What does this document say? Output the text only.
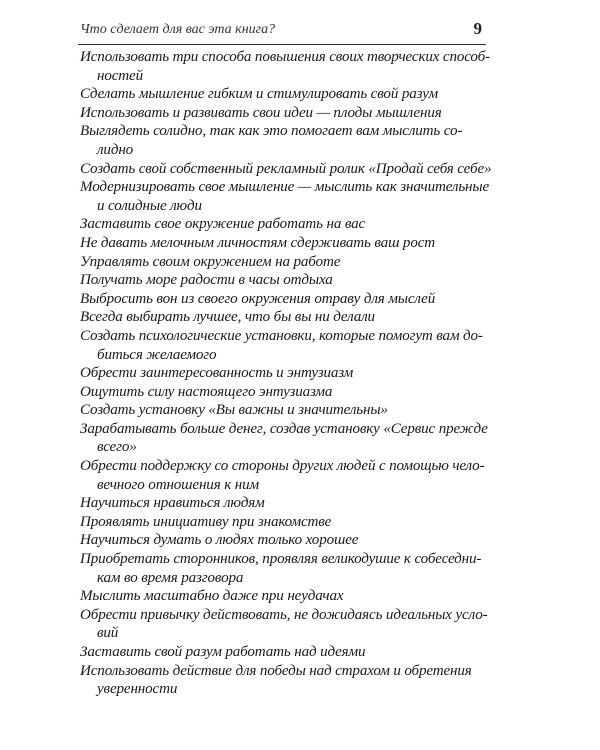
Что сделает для вас эта книга?	9
Использовать три способа повышения своих творческих способ-
ностей
Сделать мышление гибким и стимулировать свой разум
Использовать и развивать свои идеи — плоды мышления
Выглядеть солидно, так как это помогает вам мыслить со-
лидно
Создать свой собственный рекламный ролик «Продай себя себе»
Модернизировать свое мышление — мыслить как значительные
и солидные люди
Заставить свое окружение работать на вас
Не давать мелочным личностям сдерживать ваш рост
Управлять своим окружением на работе
Получать море радости в часы отдыха
Выбросить вон из своего окружения отраву для мыслей
Всегда выбирать лучшее, что бы вы ни делали
Создать психологические установки, которые помогут вам до-
биться желаемого
Обрести заинтересованность и энтузиазм
Ощутить силу настоящего энтузиазма
Создать установку «Вы важны и значительны»
Зарабатывать больше денег, создав установку «Сервис прежде
всего»
Обрести поддержку со стороны других людей с помощью чело-
вечного отношения к ним
Научиться нравиться людям
Проявлять инициативу при знакомстве
Научиться думать о людях только хорошее
Приобретать сторонников, проявляя великодушие к собеседни-
кам во время разговора
Мыслить масштабно даже при неудачах
Обрести привычку действовать, не дожидаясь идеальных усло-
вий
Заставить свой разум работать над идеями
Использовать действие для победы над страхом и обретения
уверенности
